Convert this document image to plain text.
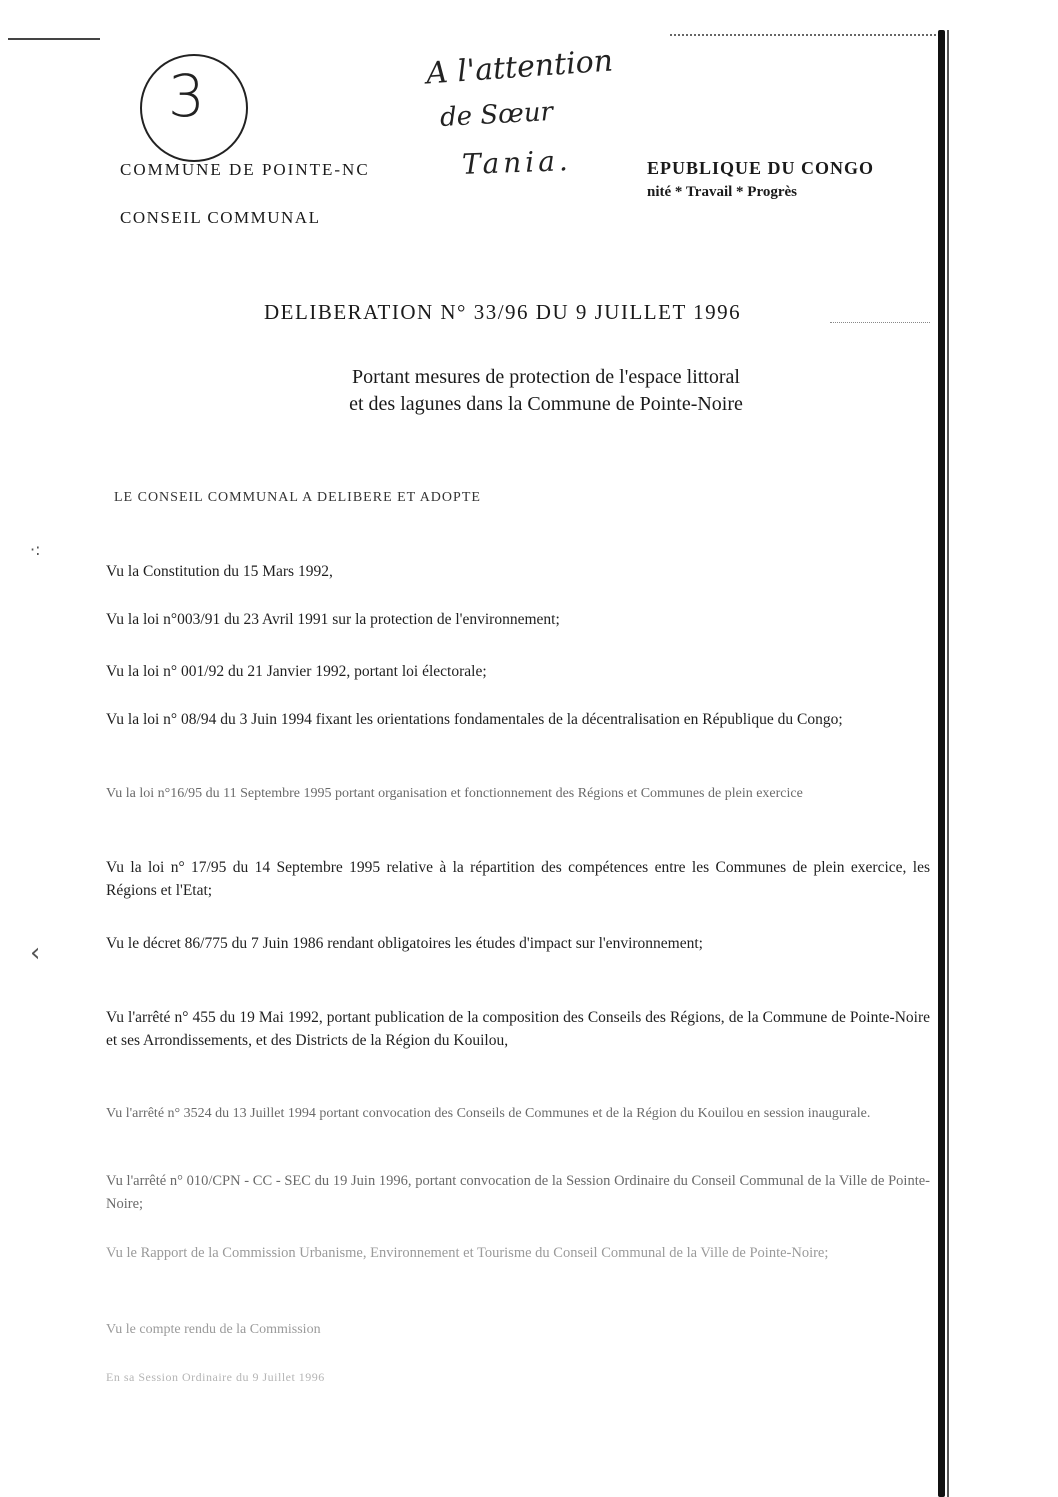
3	A l'attention
de Sœur
Tania.
COMMUNE DE POINTE-NC
CONSEIL COMMUNAL
EPUBLIQUE DU CONGO
nité * Travail * Progrès
DELIBERATION N° 33/96 DU 9 JUILLET 1996
Portant mesures de protection de l'espace littoral
et des lagunes dans la Commune de Pointe-Noire
LE CONSEIL COMMUNAL A DELIBERE ET ADOPTE
·:
‹
Vu la Constitution du 15 Mars 1992,
Vu la loi n°003/91 du 23 Avril 1991 sur la protection de l'environnement;
Vu la loi n° 001/92 du 21 Janvier 1992, portant loi électorale;
Vu la loi n° 08/94 du 3 Juin 1994 fixant les orientations fondamentales de la décentralisation en République du Congo;
Vu la loi n°16/95 du 11 Septembre 1995 portant organisation et fonctionnement des Régions et Communes de plein exercice
Vu la loi n° 17/95 du 14 Septembre 1995 relative à la répartition des compétences entre les Communes de plein exercice, les Régions et l'Etat;
Vu le décret 86/775 du 7 Juin 1986 rendant obligatoires les études d'impact sur l'environnement;
Vu l'arrêté n° 455 du 19 Mai 1992, portant publication de la composition des Conseils des Régions, de la Commune de Pointe-Noire et ses Arrondissements, et des Districts de la Région du Kouilou,
Vu l'arrêté n° 3524 du 13 Juillet 1994 portant convocation des Conseils de Communes et de la Région du Kouilou en session inaugurale.
Vu l'arrêté n° 010/CPN - CC - SEC du 19 Juin 1996, portant convocation de la Session Ordinaire du Conseil Communal de la Ville de Pointe-Noire;
Vu le Rapport de la Commission Urbanisme, Environnement et Tourisme du Conseil Communal de la Ville de Pointe-Noire;
Vu le compte rendu de la Commission
En sa Session Ordinaire du 9 Juillet 1996
